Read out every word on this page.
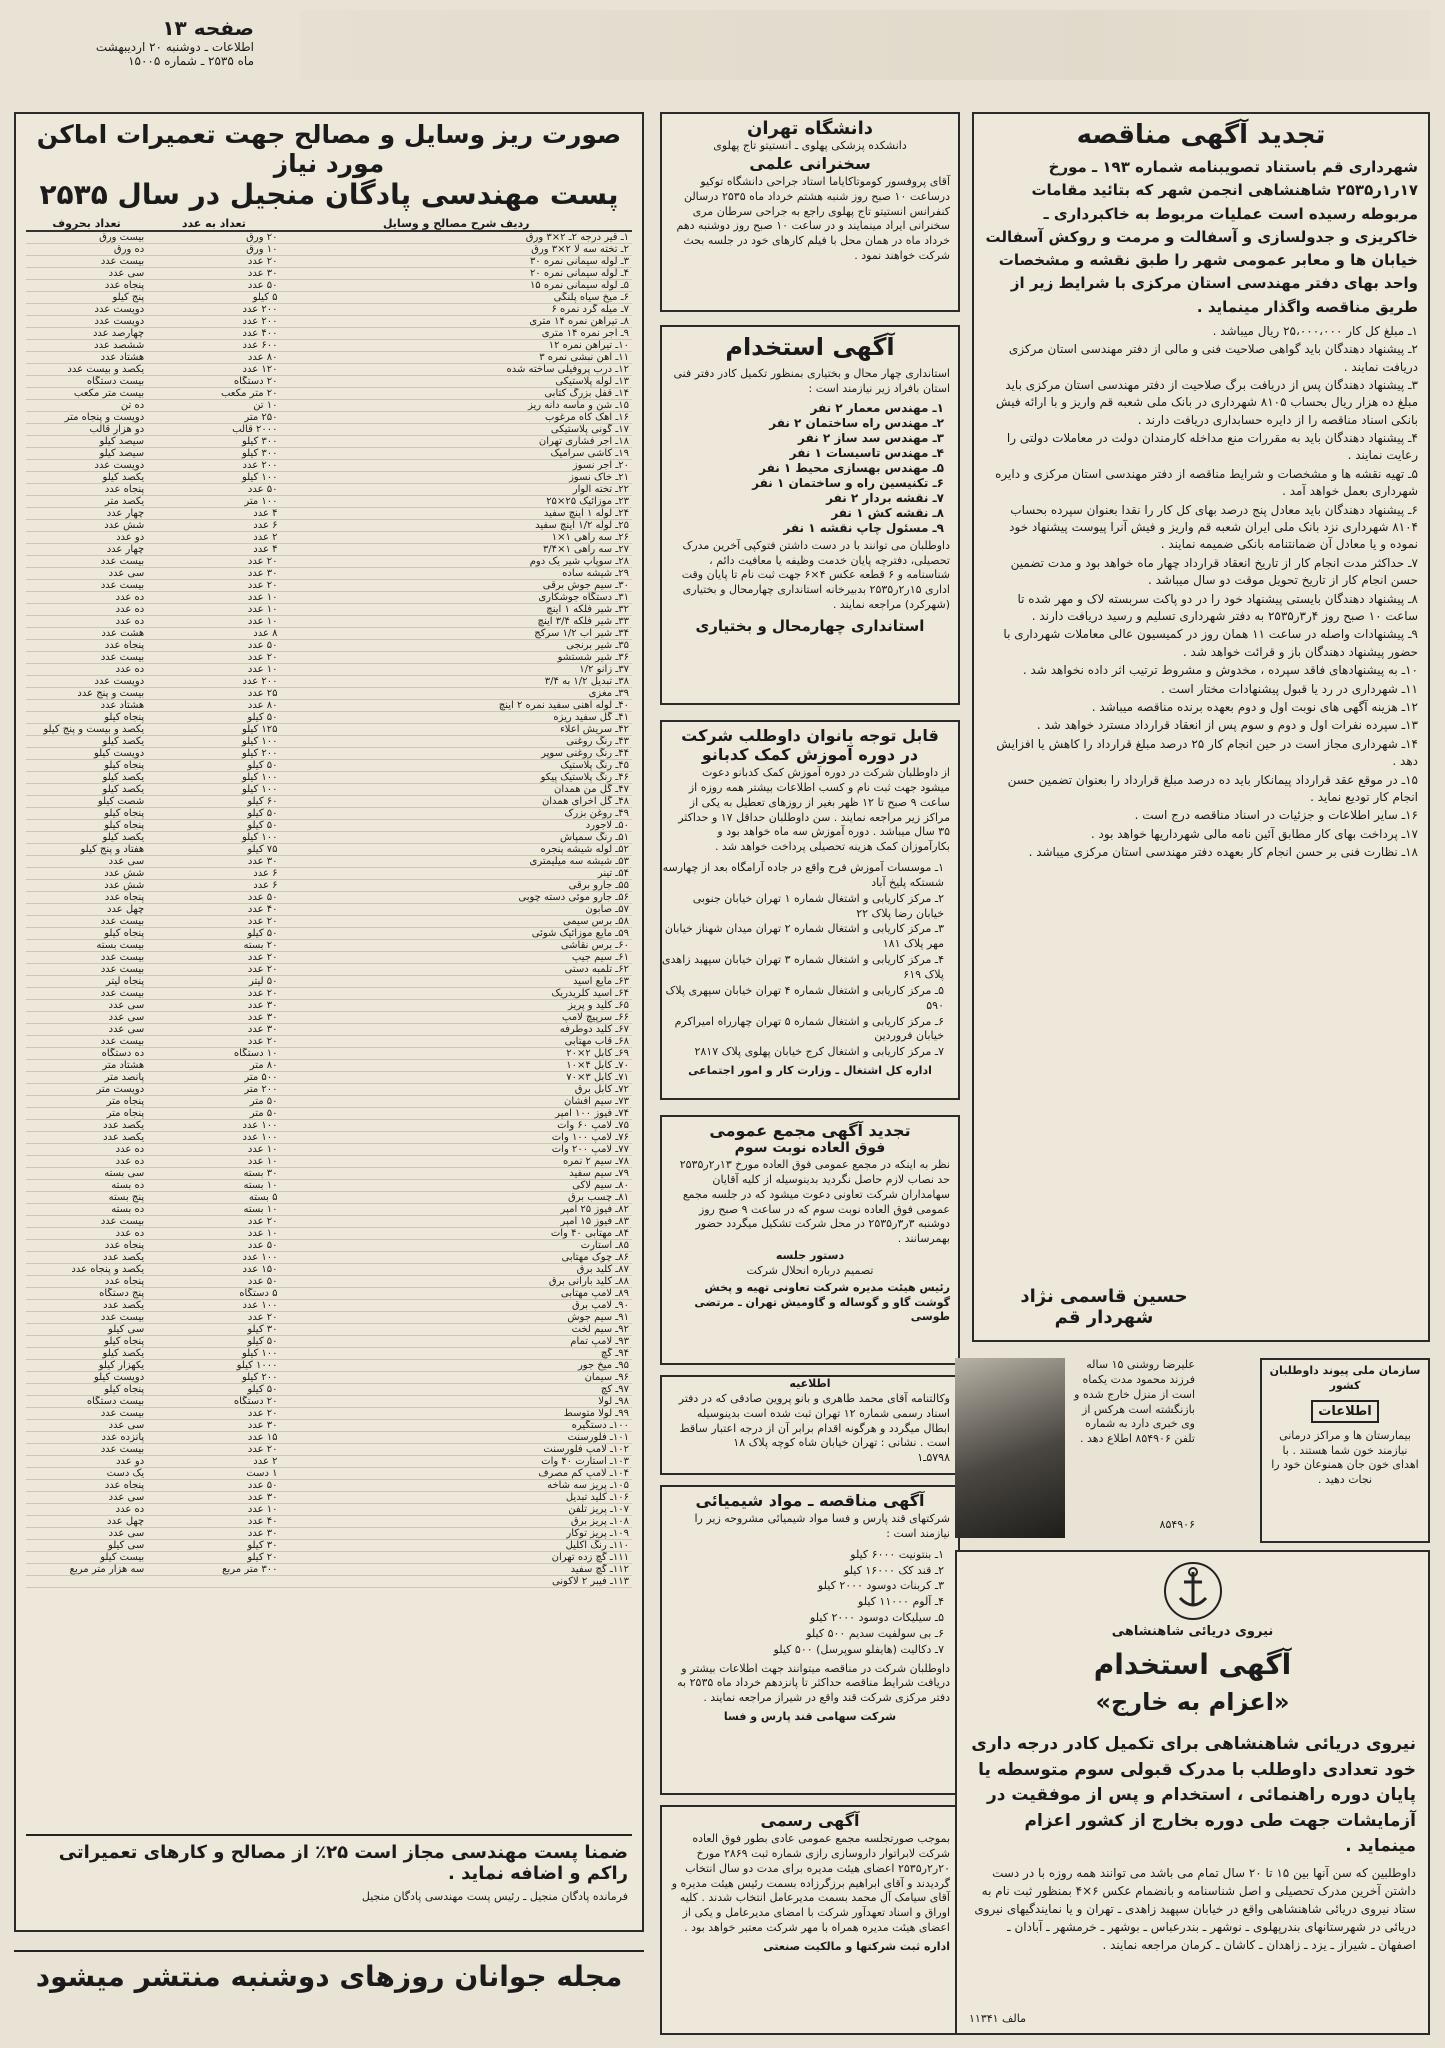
صفحه ۱۳
اطلاعات ـ دوشنبه ۲۰ اردیبهشت
ماه ۲۵۳۵ ـ شماره ۱۵۰۰۵
صورت ریز وسایل و مصالح جهت تعمیرات اماکن مورد نیاز
پست مهندسی پادگان منجیل در سال ۲۵۳۵
ردیف شرح مصالح و وسایل	تعداد به عدد	تعداد بحروف
۱ـ قیر درجه ۲ـ ۲×۳ ورق	۲۰ ورق	بیست ورق
۲ـ تخته سه لا ۲×۳ ورق	۱۰ ورق	ده ورق
۳ـ لوله سیمانی نمره ۳۰	۲۰ عدد	بیست عدد
۴ـ لوله سیمانی نمره ۲۰	۳۰ عدد	سی عدد
۵ـ لوله سیمانی نمره ۱۵	۵۰ عدد	پنجاه عدد
۶ـ میخ سیاه پلنگی	۵ کیلو	پنج کیلو
۷ـ میله گرد نمره ۶	۲۰۰ عدد	دویست عدد
۸ـ تیرآهن نمره ۱۴ متری	۲۰۰ عدد	دویست عدد
۹ـ آجر نمره ۱۴ متری	۴۰۰ عدد	چهارصد عدد
۱۰ـ تیرآهن نمره ۱۲	۶۰۰ عدد	ششصد عدد
۱۱ـ آهن نبشی نمره ۳	۸۰ عدد	هشتاد عدد
۱۲ـ درب پروفیلی ساخته شده	۱۲۰ عدد	یکصد و بیست عدد
۱۳ـ لوله پلاستیکی	۲۰ دستگاه	بیست دستگاه
۱۴ـ قفل بزرگ کتابی	۲۰ متر مکعب	بیست متر مکعب
۱۵ـ شن و ماسه دانه ریز	۱۰ تن	ده تن
۱۶ـ آهک کاه مرغوب	۲۵۰ متر	دویست و پنجاه متر
۱۷ـ گونی پلاستیکی	۲۰۰۰ قالب	دو هزار قالب
۱۸ـ آجر فشاری تهران	۳۰۰ کیلو	سیصد کیلو
۱۹ـ کاشی سرامیک	۳۰۰ کیلو	سیصد کیلو
۲۰ـ آجر نسوز	۲۰۰ عدد	دویست عدد
۲۱ـ خاک نسوز	۱۰۰ کیلو	یکصد کیلو
۲۲ـ تخته آلوار	۵۰ عدد	پنجاه عدد
۲۳ـ موزائیک ۲۵×۲۵	۱۰۰ متر	یکصد متر
۲۴ـ لوله ۱ اینچ سفید	۴ عدد	چهار عدد
۲۵ـ لوله ۱/۲ اینچ سفید	۶ عدد	شش عدد
۲۶ـ سه راهی ۱×۱	۲ عدد	دو عدد
۲۷ـ سه راهی ۱×۳/۴	۴ عدد	چهار عدد
۲۸ـ سوپاپ شیر یک دوم	۲۰ عدد	بیست عدد
۲۹ـ شیشه ساده	۳۰ عدد	سی عدد
۳۰ـ سیم جوش برقی	۲۰ عدد	بیست عدد
۳۱ـ دستگاه جوشکاری	۱۰ عدد	ده عدد
۳۲ـ شیر فلکه ۱ اینچ	۱۰ عدد	ده عدد
۳۳ـ شیر فلکه ۳/۴ اینچ	۱۰ عدد	ده عدد
۳۴ـ شیر آب ۱/۲ سرکج	۸ عدد	هشت عدد
۳۵ـ شیر برنجی	۵۰ عدد	پنجاه عدد
۳۶ـ شیر شستشو	۲۰ عدد	بیست عدد
۳۷ـ زانو ۱/۲	۱۰ عدد	ده عدد
۳۸ـ تبدیل ۱/۲ به ۳/۴	۲۰۰ عدد	دویست عدد
۳۹ـ مغزی	۲۵ عدد	بیست و پنج عدد
۴۰ـ لوله آهنی سفید نمره ۲ اینچ	۸۰ عدد	هشتاد عدد
۴۱ـ گل سفید ریزه	۵۰ کیلو	پنجاه کیلو
۴۲ـ سریش اعلاء	۱۲۵ کیلو	یکصد و بیست و پنج کیلو
۴۳ـ رنگ روغنی	۱۰۰ کیلو	یکصد کیلو
۴۴ـ رنگ روغنی سوپر	۲۰۰ کیلو	دویست کیلو
۴۵ـ رنگ پلاستیک	۵۰ کیلو	پنجاه کیلو
۴۶ـ رنگ پلاستیک پیکو	۱۰۰ کیلو	یکصد کیلو
۴۷ـ گل من همدان	۱۰۰ کیلو	یکصد کیلو
۴۸ـ گل اخرای همدان	۶۰ کیلو	شصت کیلو
۴۹ـ روغن بزرک	۵۰ کیلو	پنجاه کیلو
۵۰ـ لاجورد	۵۰ کیلو	پنجاه کیلو
۵۱ـ رنگ سمپاش	۱۰۰ کیلو	یکصد کیلو
۵۲ـ لوله شیشه پنجره	۷۵ کیلو	هفتاد و پنج کیلو
۵۳ـ شیشه سه میلیمتری	۳۰ عدد	سی عدد
۵۴ـ تینر	۶ عدد	شش عدد
۵۵ـ جارو برقی	۶ عدد	شش عدد
۵۶ـ جارو موئی دسته چوبی	۵۰ عدد	پنجاه عدد
۵۷ـ صابون	۴۰ عدد	چهل عدد
۵۸ـ برس سیمی	۲۰ عدد	بیست عدد
۵۹ـ مایع موزائیک شوئی	۵۰ کیلو	پنجاه کیلو
۶۰ـ برس نقاشی	۲۰ بسته	بیست بسته
۶۱ـ سیم جیپ	۲۰ عدد	بیست عدد
۶۲ـ تلمبه دستی	۲۰ عدد	بیست عدد
۶۳ـ مایع اسید	۵۰ لیتر	پنجاه لیتر
۶۴ـ اسید کلریدریک	۲۰ عدد	بیست عدد
۶۵ـ کلید و پریز	۳۰ عدد	سی عدد
۶۶ـ سرپیچ لامپ	۳۰ عدد	سی عدد
۶۷ـ کلید دوطرفه	۳۰ عدد	سی عدد
۶۸ـ قاب مهتابی	۲۰ عدد	بیست عدد
۶۹ـ کابل ۲×۲۰	۱۰ دستگاه	ده دستگاه
۷۰ـ کابل ۴×۱۰	۸۰ متر	هشتاد متر
۷۱ـ کابل ۳×۷۰	۵۰۰ متر	پانصد متر
۷۲ـ کابل برق	۲۰۰ متر	دویست متر
۷۳ـ سیم افشان	۵۰ متر	پنجاه متر
۷۴ـ فیوز ۱۰۰ آمپر	۵۰ متر	پنجاه متر
۷۵ـ لامپ ۶۰ وات	۱۰۰ عدد	یکصد عدد
۷۶ـ لامپ ۱۰۰ وات	۱۰۰ عدد	یکصد عدد
۷۷ـ لامپ ۲۰۰ وات	۱۰ عدد	ده عدد
۷۸ـ سیم ۲ نمره	۱۰ عدد	ده عدد
۷۹ـ سیم سفید	۳۰ بسته	سی بسته
۸۰ـ سیم لاکی	۱۰ بسته	ده بسته
۸۱ـ چسب برق	۵ بسته	پنج بسته
۸۲ـ فیوز ۲۵ آمپر	۱۰ بسته	ده بسته
۸۳ـ فیوز ۱۵ آمپر	۲۰ عدد	بیست عدد
۸۴ـ مهتابی ۴۰ وات	۱۰ عدد	ده عدد
۸۵ـ استارت	۵۰ عدد	پنجاه عدد
۸۶ـ چوک مهتابی	۱۰۰ عدد	یکصد عدد
۸۷ـ کلید برق	۱۵۰ عدد	یکصد و پنجاه عدد
۸۸ـ کلید بارانی برق	۵۰ عدد	پنجاه عدد
۸۹ـ لامپ مهتابی	۵ دستگاه	پنج دستگاه
۹۰ـ لامپ برق	۱۰۰ عدد	یکصد عدد
۹۱ـ سیم جوش	۲۰ عدد	بیست عدد
۹۲ـ سیم لخت	۳۰ کیلو	سی کیلو
۹۳ـ لامپ تمام	۵۰ کیلو	پنجاه کیلو
۹۴ـ گچ	۱۰۰ کیلو	یکصد کیلو
۹۵ـ میخ جور	۱۰۰۰ کیلو	یکهزار کیلو
۹۶ـ سیمان	۲۰۰ کیلو	دویست کیلو
۹۷ـ کچ	۵۰ کیلو	پنجاه کیلو
۹۸ـ لولا	۲۰ دستگاه	بیست دستگاه
۹۹ـ لولا متوسط	۲۰ عدد	بیست عدد
۱۰۰ـ دستگیره	۳۰ عدد	سی عدد
۱۰۱ـ فلورسنت	۱۵ عدد	پانزده عدد
۱۰۲ـ لامپ فلورسنت	۲۰ عدد	بیست عدد
۱۰۳ـ استارت ۴۰ وات	۲ عدد	دو عدد
۱۰۴ـ لامپ کم مصرف	۱ دست	یک دست
۱۰۵ـ پریز سه شاخه	۵۰ عدد	پنجاه عدد
۱۰۶ـ کلید تبدیل	۳۰ عدد	سی عدد
۱۰۷ـ پریز تلفن	۱۰ عدد	ده عدد
۱۰۸ـ پریز برق	۴۰ عدد	چهل عدد
۱۰۹ـ پریز توکار	۳۰ عدد	سی عدد
۱۱۰ـ رنگ آکلیل	۳۰ کیلو	سی کیلو
۱۱۱ـ گچ زده تهران	۲۰ کیلو	بیست کیلو
۱۱۲ـ گچ سفید	۳۰۰ متر مربع	سه هزار متر مربع
۱۱۳ـ فیبر ۲ لاکونی		
ضمنا پست مهندسی مجاز است ۲۵٪ از مصالح و کارهای تعمیراتی
راکم و اضافه نماید .
فرمانده پادگان منجیل ـ رئیس پست مهندسی پادگان منجیل
مجله جوانان روزهای دوشنبه منتشر میشود
دانشگاه تهران
دانشکده پزشکی پهلوی ـ انستیتو تاج پهلوی
سخنرانی علمی
آقای پروفسور کوموتاکایاما استاد جراحی دانشگاه توکیو درساعت ۱۰ صبح روز شنبه هشتم خرداد ماه ۲۵۳۵ درسالن کنفرانس انستیتو تاج پهلوی راجع به جراحی سرطان مری سخنرانی ایراد مینمایند و در ساعت ۱۰ صبح روز دوشنبه دهم خرداد ماه در همان محل با فیلم کارهای خود در جلسه بحث شرکت خواهند نمود .
آگهی استخدام
استانداری چهار محال و بختیاری بمنظور تکمیل کادر دفتر فنی استان بافراد زیر نیازمند است :
۱ـ مهندس معمار ۲ نفر
۲ـ مهندس راه ساختمان ۲ نفر
۳ـ مهندس سد ساز ۲ نفر
۴ـ مهندس تاسیسات ۱ نفر
۵ـ مهندس بهسازی محیط ۱ نفر
۶ـ تکنیسین راه و ساختمان ۱ نفر
۷ـ نقشه بردار ۲ نفر
۸ـ نقشه کش ۱ نفر
۹ـ مسئول چاپ نقشه ۱ نفر
داوطلبان می توانند با در دست داشتن فتوکپی آخرین مدرک تحصیلی، دفترچه پایان خدمت وظیفه یا معافیت دائم ، شناسنامه و ۶ قطعه عکس ۴×۶ جهت ثبت نام تا پایان وقت اداری ۱۵ر۲ر۲۵۳۵ بدبیرخانه استانداری چهارمحال و بختیاری (شهرکرد) مراجعه نمایند .
استانداری چهارمحال و بختیاری
قابل توجه بانوان داوطلب شرکت
در دوره آموزش کمک کدبانو
از داوطلبان شرکت در دوره آموزش کمک کدبانو دعوت میشود جهت ثبت نام و کسب اطلاعات بیشتر همه روزه از ساعت ۹ صبح تا ۱۲ ظهر بغیر از روزهای تعطیل به یکی از مراکز زیر مراجعه نمایند . سن داوطلبان حداقل ۱۷ و حداکثر ۳۵ سال میباشد . دوره آموزش سه ماه خواهد بود و بکارآموزان کمک هزینه تحصیلی پرداخت خواهد شد .
۱ـ موسسات آموزش فرح واقع در جاده آرامگاه بعد از چهارسه شستکه پلیخ آباد
۲ـ مرکز کاریابی و اشتغال شماره ۱ تهران خیابان جنوبی خیابان رضا پلاک ۲۲
۳ـ مرکز کاریابی و اشتغال شماره ۲ تهران میدان شهناز خیابان مهر پلاک ۱۸۱
۴ـ مرکز کاریابی و اشتغال شماره ۳ تهران خیابان سپهبد زاهدی پلاک ۶۱۹
۵ـ مرکز کاریابی و اشتغال شماره ۴ تهران خیابان سپهری پلاک ۵۹۰
۶ـ مرکز کاریابی و اشتغال شماره ۵ تهران چهارراه امیراکرم خیابان فروردین
۷ـ مرکز کاریابی و اشتغال کرج خیابان پهلوی پلاک ۲۸۱۷
اداره کل اشتغال ـ وزارت کار و امور اجتماعی
تجدید آگهی مجمع عمومی
فوق العاده نوبت سوم
نظر به اینکه در مجمع عمومی فوق العاده مورخ ۱۳ر۲ر۲۵۳۵ حد نصاب لازم حاصل نگردید بدینوسیله از کلیه آقایان سهامداران شرکت تعاونی دعوت میشود که در جلسه مجمع عمومی فوق العاده نوبت سوم که در ساعت ۹ صبح روز دوشنبه ۳ر۳ر۲۵۳۵ در محل شرکت تشکیل میگردد حضور بهمرسانند .
دستور جلسه
تصمیم درباره انحلال شرکت
رئیس هیئت مدیره شرکت تعاونی تهیه و پخش گوشت گاو و گوساله و گاومیش تهران ـ مرتضی طوسی
اطلاعیه
وکالتنامه آقای محمد طاهری و بانو پروین صادقی که در دفتر اسناد رسمی شماره ۱۲ تهران ثبت شده است بدینوسیله ابطال میگردد و هرگونه اقدام برابر آن از درجه اعتبار ساقط است . نشانی : تهران خیابان شاه کوچه پلاک ۱۸
۵۷۹۸ـ۱
آگهی مناقصه ـ مواد شیمیائی
شرکتهای قند پارس و فسا مواد شیمیائی مشروحه زیر را نیازمند است :
۱ـ بنتونیت ۶۰۰۰ کیلو
۲ـ قند کک ۱۶۰۰۰ کیلو
۳ـ کربنات دوسود ۲۰۰۰ کیلو
۴ـ آلوم ۱۱۰۰۰ کیلو
۵ـ سیلیکات دوسود ۲۰۰۰ کیلو
۶ـ بی سولفیت سدیم ۵۰۰ کیلو
۷ـ دکالیت (هایفلو سوپرسل) ۵۰۰ کیلو
داوطلبان شرکت در مناقصه میتوانند جهت اطلاعات بیشتر و دریافت شرایط مناقصه حداکثر تا پانزدهم خرداد ماه ۲۵۳۵ به دفتر مرکزی شرکت قند واقع در شیراز مراجعه نمایند .
شرکت سهامی قند پارس و فسا
آگهی رسمی
بموجب صورتجلسه مجمع عمومی عادی بطور فوق العاده شرکت لابراتوار داروسازی رازی شماره ثبت ۲۸۶۹ مورخ ۲۰ر۲ر۲۵۳۵ اعضای هیئت مدیره برای مدت دو سال انتخاب گردیدند و آقای ابراهیم برزگرزاده بسمت رئیس هیئت مدیره و آقای سیامک آل محمد بسمت مدیرعامل انتخاب شدند . کلیه اوراق و اسناد تعهدآور شرکت با امضای مدیرعامل و یکی از اعضای هیئت مدیره همراه با مهر شرکت معتبر خواهد بود .
اداره ثبت شرکتها و مالکیت صنعتی
تجدید آگهی مناقصه
شهرداری قم باستناد تصویبنامه شماره ۱۹۳ ـ مورخ ۱۷ر۱ر۲۵۳۵ شاهنشاهی انجمن شهر که بتائید مقامات مربوطه رسیده است عملیات مربوط به خاکبرداری ـ خاکریزی و جدولسازی و آسفالت و مرمت و روکش آسفالت خیابان ها و معابر عمومی شهر را طبق نقشه و مشخصات واحد بهای دفتر مهندسی استان مرکزی با شرایط زیر از طریق مناقصه واگذار مینماید .
۱ـ مبلغ کل کار ۲۵،۰۰۰،۰۰۰ ریال میباشد .
۲ـ پیشنهاد دهندگان باید گواهی صلاحیت فنی و مالی از دفتر مهندسی استان مرکزی دریافت نمایند .
۳ـ پیشنهاد دهندگان پس از دریافت برگ صلاحیت از دفتر مهندسی استان مرکزی باید مبلغ ده هزار ریال بحساب ۸۱۰۵ شهرداری در بانک ملی شعبه قم واریز و با ارائه فیش بانکی اسناد مناقصه را از دایره حسابداری دریافت دارند .
۴ـ پیشنهاد دهندگان باید به مقررات منع مداخله کارمندان دولت در معاملات دولتی را رعایت نمایند .
۵ـ تهیه نقشه ها و مشخصات و شرایط مناقصه از دفتر مهندسی استان مرکزی و دایره شهرداری بعمل خواهد آمد .
۶ـ پیشنهاد دهندگان باید معادل پنج درصد بهای کل کار را نقدا بعنوان سپرده بحساب ۸۱۰۴ شهرداری نزد بانک ملی ایران شعبه قم واریز و فیش آنرا پیوست پیشنهاد خود نموده و یا معادل آن ضمانتنامه بانکی ضمیمه نمایند .
۷ـ حداکثر مدت انجام کار از تاریخ انعقاد قرارداد چهار ماه خواهد بود و مدت تضمین حسن انجام کار از تاریخ تحویل موقت دو سال میباشد .
۸ـ پیشنهاد دهندگان بایستی پیشنهاد خود را در دو پاکت سربسته لاک و مهر شده تا ساعت ۱۰ صبح روز ۴ر۳ر۲۵۳۵ به دفتر شهرداری تسلیم و رسید دریافت دارند .
۹ـ پیشنهادات واصله در ساعت ۱۱ همان روز در کمیسیون عالی معاملات شهرداری با حضور پیشنهاد دهندگان باز و قرائت خواهد شد .
۱۰ـ به پیشنهادهای فاقد سپرده ، مخدوش و مشروط ترتیب اثر داده نخواهد شد .
۱۱ـ شهرداری در رد یا قبول پیشنهادات مختار است .
۱۲ـ هزینه آگهی های نوبت اول و دوم بعهده برنده مناقصه میباشد .
۱۳ـ سپرده نفرات اول و دوم و سوم پس از انعقاد قرارداد مسترد خواهد شد .
۱۴ـ شهرداری مجاز است در حین انجام کار ۲۵ درصد مبلغ قرارداد را کاهش یا افزایش دهد .
۱۵ـ در موقع عقد قرارداد پیمانکار باید ده درصد مبلغ قرارداد را بعنوان تضمین حسن انجام کار تودیع نماید .
۱۶ـ سایر اطلاعات و جزئیات در اسناد مناقصه درج است .
۱۷ـ پرداخت بهای کار مطابق آئین نامه مالی شهرداریها خواهد بود .
۱۸ـ نظارت فنی بر حسن انجام کار بعهده دفتر مهندسی استان مرکزی میباشد .
حسین قاسمی نژاد
شهردار قم
علیرضا روشنی ۱۵ ساله فرزند محمود مدت یکماه است از منزل خارج شده و بازنگشته است هرکس از وی خبری دارد به شماره تلفن ۸۵۴۹۰۶ اطلاع دهد .
۸۵۴۹۰۶
سازمان ملی پیوند داوطلبان کشور
اطلاعات
بیمارستان ها و مراکز درمانی نیازمند خون شما هستند . با اهدای خون جان همنوعان خود را نجات دهید .
نیروی دریائی شاهنشاهی
آگهی استخدام
«اعزام به خارج»
نیروی دریائی شاهنشاهی برای تکمیل کادر درجه داری خود تعدادی داوطلب با مدرک قبولی سوم متوسطه یا پایان دوره راهنمائی ، استخدام و پس از موفقیت در آزمایشات جهت طی دوره بخارج از کشور اعزام مینماید .
داوطلبین که سن آنها بین ۱۵ تا ۲۰ سال تمام می باشد می توانند همه روزه با در دست داشتن آخرین مدرک تحصیلی و اصل شناسنامه و بانضمام عکس ۶×۴ بمنظور ثبت نام به ستاد نیروی دریائی شاهنشاهی واقع در خیابان سپهبد زاهدی ـ تهران و یا نمایندگیهای نیروی دریائی در شهرستانهای بندرپهلوی ـ نوشهر ـ بندرعباس ـ بوشهر ـ خرمشهر ـ آبادان ـ اصفهان ـ شیراز ـ یزد ـ زاهدان ـ کاشان ـ کرمان مراجعه نمایند .
مالف ۱۱۳۴۱
